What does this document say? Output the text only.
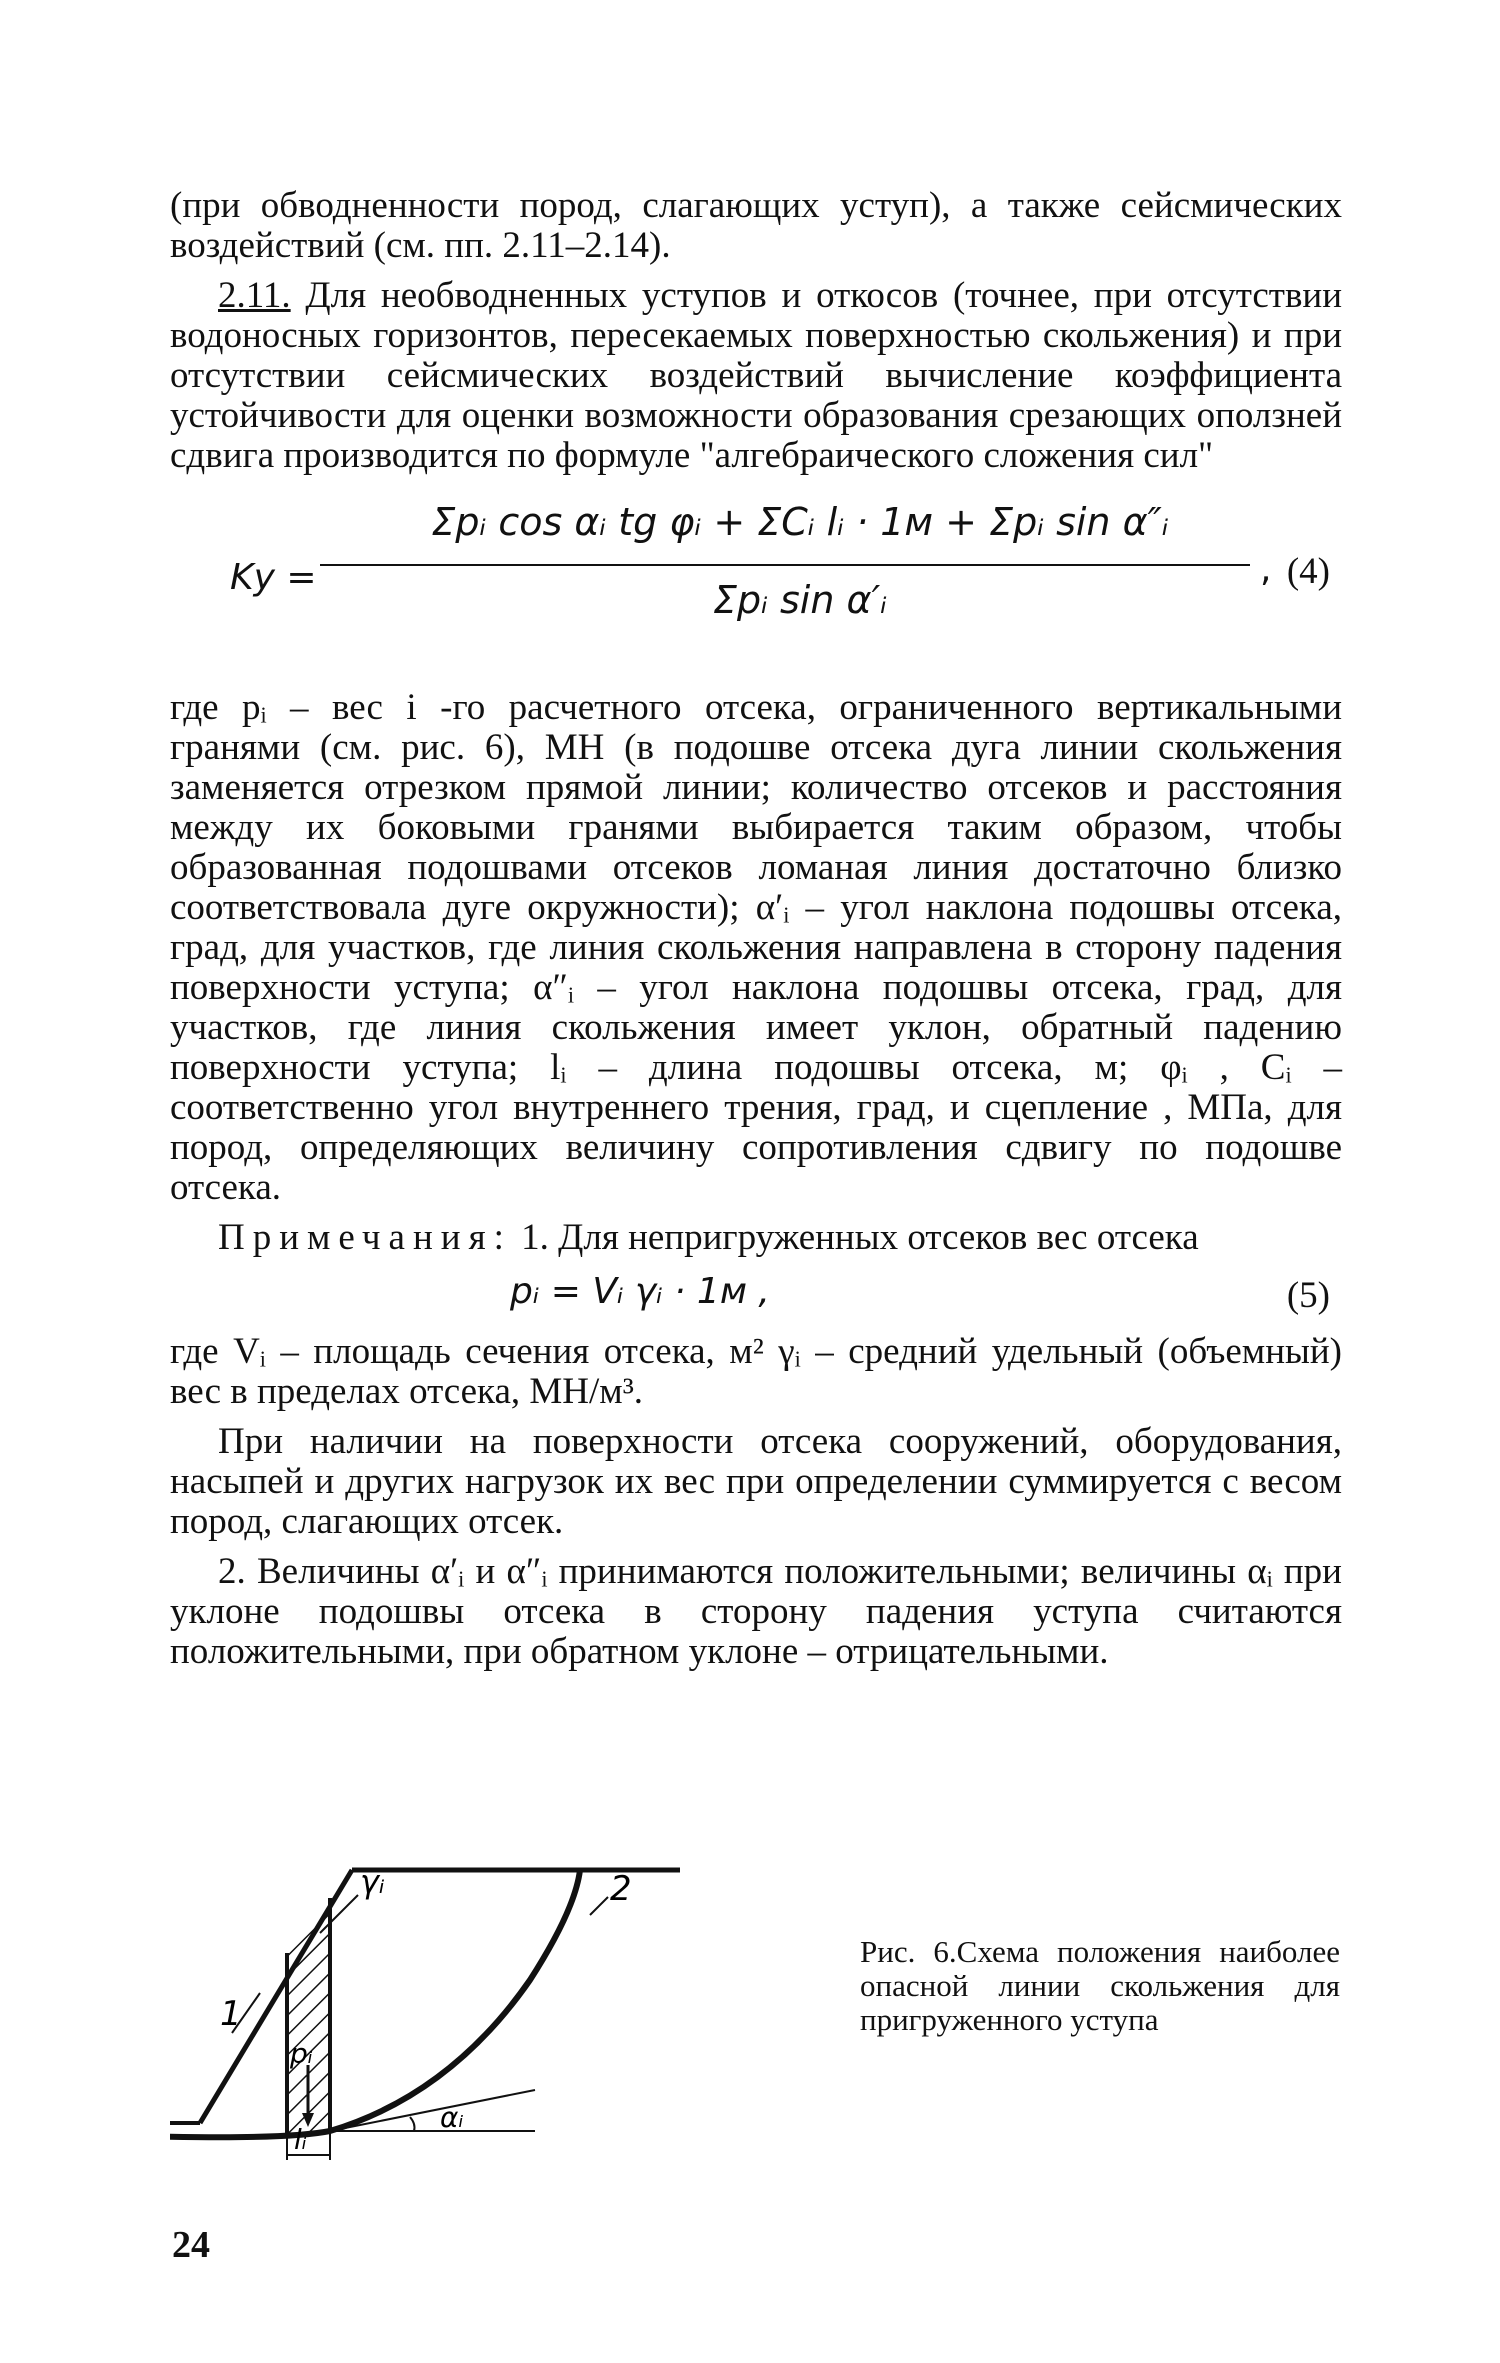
(при обводненности пород, слагающих уступ), а также сейсмических воздействий (см. пп. 2.11–2.14).

2.11. Для необводненных уступов и откосов (точнее, при отсутствии водоносных горизонтов, пересекаемых поверхностью скольжения) и при отсутствии сейсмических воздействий вычисление коэффициента устойчивости для оценки возможности образования срезающих оползней сдвига производится по формуле "алгебраического сложения сил"

Kу =
Σpᵢ cos αᵢ tg φᵢ + ΣCᵢ lᵢ · 1м + Σpᵢ sin α″ᵢ
Σpᵢ sin α′ᵢ
, (4)

где pᵢ – вес i -го расчетного отсека, ограниченного вертикальными гранями (см. рис. 6), MH (в подошве отсека дуга линии скольжения заменяется отрезком прямой линии; количество отсеков и расстояния между их боковыми гранями выбирается таким образом, чтобы образованная подошвами отсеков ломаная линия достаточно близко соответствовала дуге окружности); α′ᵢ – угол наклона подошвы отсека, град, для участков, где линия скольжения направлена в сторону падения поверхности уступа; α″ᵢ – угол наклона подошвы отсека, град, для участков, где линия скольжения имеет уклон, обратный падению поверхности уступа; lᵢ – длина подошвы отсека, м; φᵢ , Cᵢ – соответственно угол внутреннего трения, град, и сцепление , МПа, для пород, определяющих величину сопротивления сдвигу по подошве отсека.

Примечания: 1. Для непригруженных отсеков вес отсека

pᵢ = Vᵢ γᵢ · 1м ,	(5)

где Vᵢ – площадь сечения отсека, м² γᵢ – средний удельный (объемный) вес в пределах отсека, МН/м³.

При наличии на поверхности отсека сооружений, оборудования, насыпей и других нагрузок их вес при определении суммируется с весом пород, слагающих отсек.

2. Величины α′ᵢ и α″ᵢ принимаются положительными; величины αᵢ при уклоне подошвы отсека в сторону падения уступа считаются положительными, при обратном уклоне – отрицательными.

1
2
γᵢ
pᵢ
αᵢ
lᵢ
Рис. 6.Схема положения наиболее опасной линии скольжения для пригруженного уступа
24
